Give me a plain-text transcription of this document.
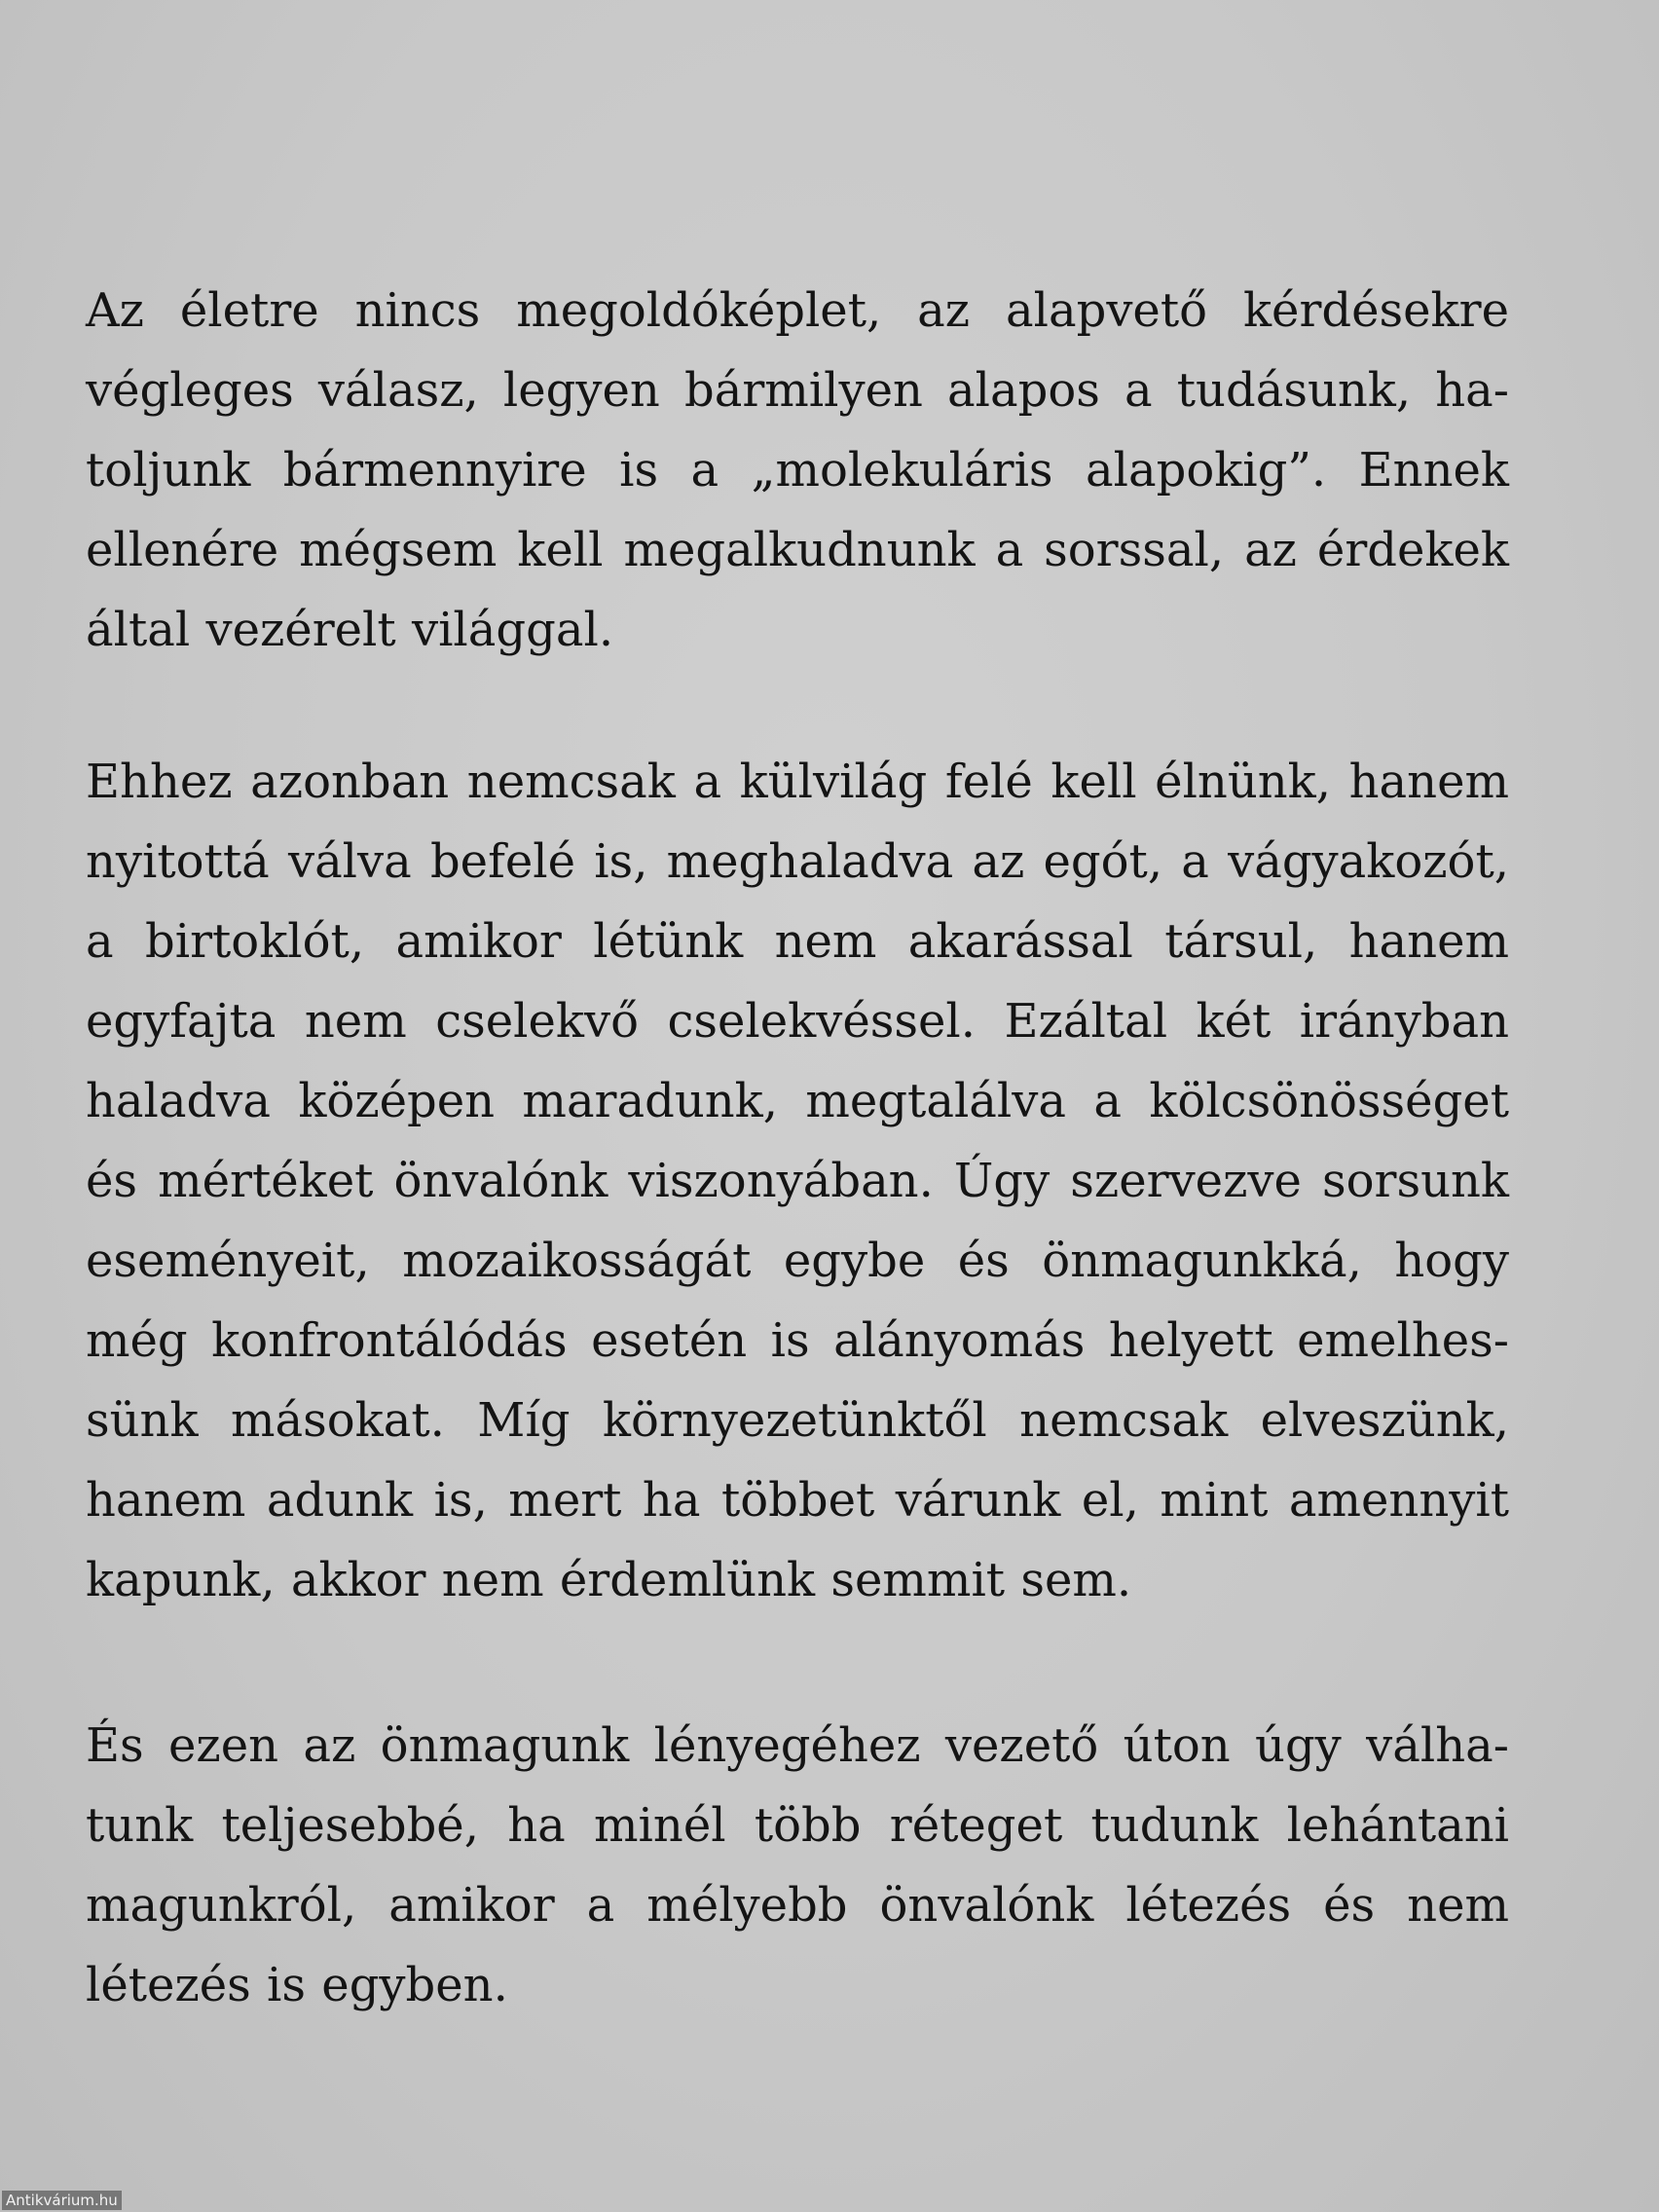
Az életre nincs megoldóképlet, az alapvető kérdésekre
végleges válasz, legyen bármilyen alapos a tudásunk, ha-
toljunk bármennyire is a „molekuláris alapokig”. Ennek
ellenére mégsem kell megalkudnunk a sorssal, az érdekek
által vezérelt világgal.

Ehhez azonban nemcsak a külvilág felé kell élnünk, hanem
nyitottá válva befelé is, meghaladva az egót, a vágyakozót,
a birtoklót, amikor létünk nem akarással társul, hanem
egyfajta nem cselekvő cselekvéssel. Ezáltal két irányban
haladva középen maradunk, megtalálva a kölcsönösséget
és mértéket önvalónk viszonyában. Úgy szervezve sorsunk
eseményeit, mozaikosságát egybe és önmagunkká, hogy
még konfrontálódás esetén is alányomás helyett emelhes-
sünk másokat. Míg környezetünktől nemcsak elveszünk,
hanem adunk is, mert ha többet várunk el, mint amennyit
kapunk, akkor nem érdemlünk semmit sem.

És ezen az önmagunk lényegéhez vezető úton úgy válha-
tunk teljesebbé, ha minél több réteget tudunk lehántani
magunkról, amikor a mélyebb önvalónk létezés és nem
létezés is egyben.

Antikvárium.hu
